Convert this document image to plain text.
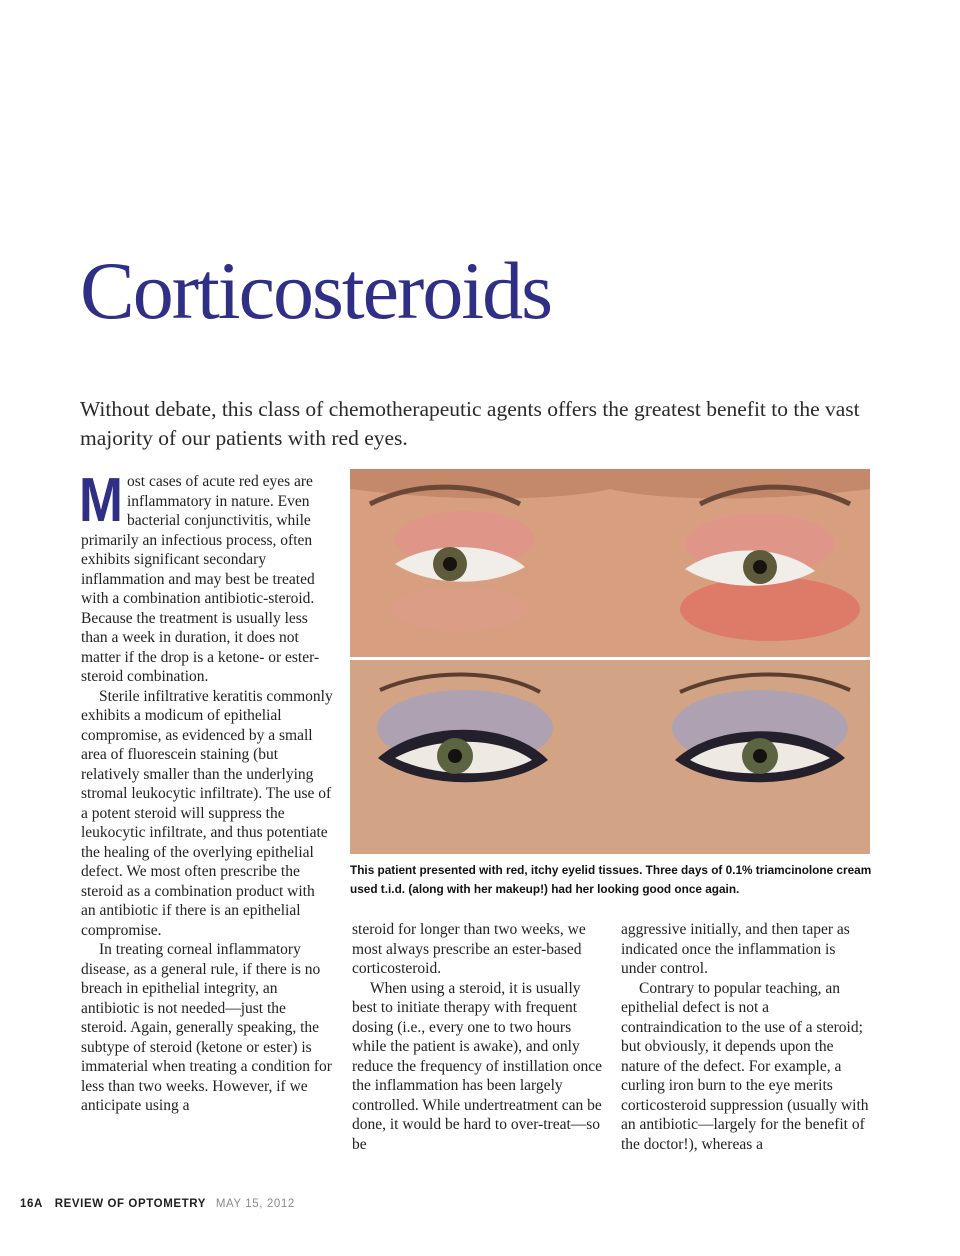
Corticosteroids

Without debate, this class of chemotherapeutic agents offers the greatest benefit to the vast majority of our patients with red eyes.

Most cases of acute red eyes are inflammatory in nature. Even bacterial conjunctivitis, while primarily an infectious process, often exhibits significant secondary inflammation and may best be treated with a combination antibiotic-steroid. Because the treatment is usually less than a week in duration, it does not matter if the drop is a ketone- or ester-steroid combination.

Sterile infiltrative keratitis commonly exhibits a modicum of epithelial compromise, as evidenced by a small area of fluorescein staining (but relatively smaller than the underlying stromal leukocytic infiltrate). The use of a potent steroid will suppress the leukocytic infiltrate, and thus potentiate the healing of the overlying epithelial defect. We most often prescribe the steroid as a combination product with an antibiotic if there is an epithelial compromise.

In treating corneal inflammatory disease, as a general rule, if there is no breach in epithelial integrity, an antibiotic is not needed—just the steroid. Again, generally speaking, the subtype of steroid (ketone or ester) is immaterial when treating a condition for less than two weeks. However, if we anticipate using a

This patient presented with red, itchy eyelid tissues. Three days of 0.1% triamcinolone cream used t.i.d. (along with her makeup!) had her looking good once again.

steroid for longer than two weeks, we most always prescribe an ester-based corticosteroid.

When using a steroid, it is usually best to initiate therapy with frequent dosing (i.e., every one to two hours while the patient is awake), and only reduce the frequency of instillation once the inflammation has been largely controlled. While undertreatment can be done, it would be hard to over-treat—so be

aggressive initially, and then taper as indicated once the inflammation is under control.

Contrary to popular teaching, an epithelial defect is not a contraindication to the use of a steroid; but obviously, it depends upon the nature of the defect. For example, a curling iron burn to the eye merits corticosteroid suppression (usually with an antibiotic—largely for the benefit of the doctor!), whereas a

16A REVIEW OF OPTOMETRY MAY 15, 2012
